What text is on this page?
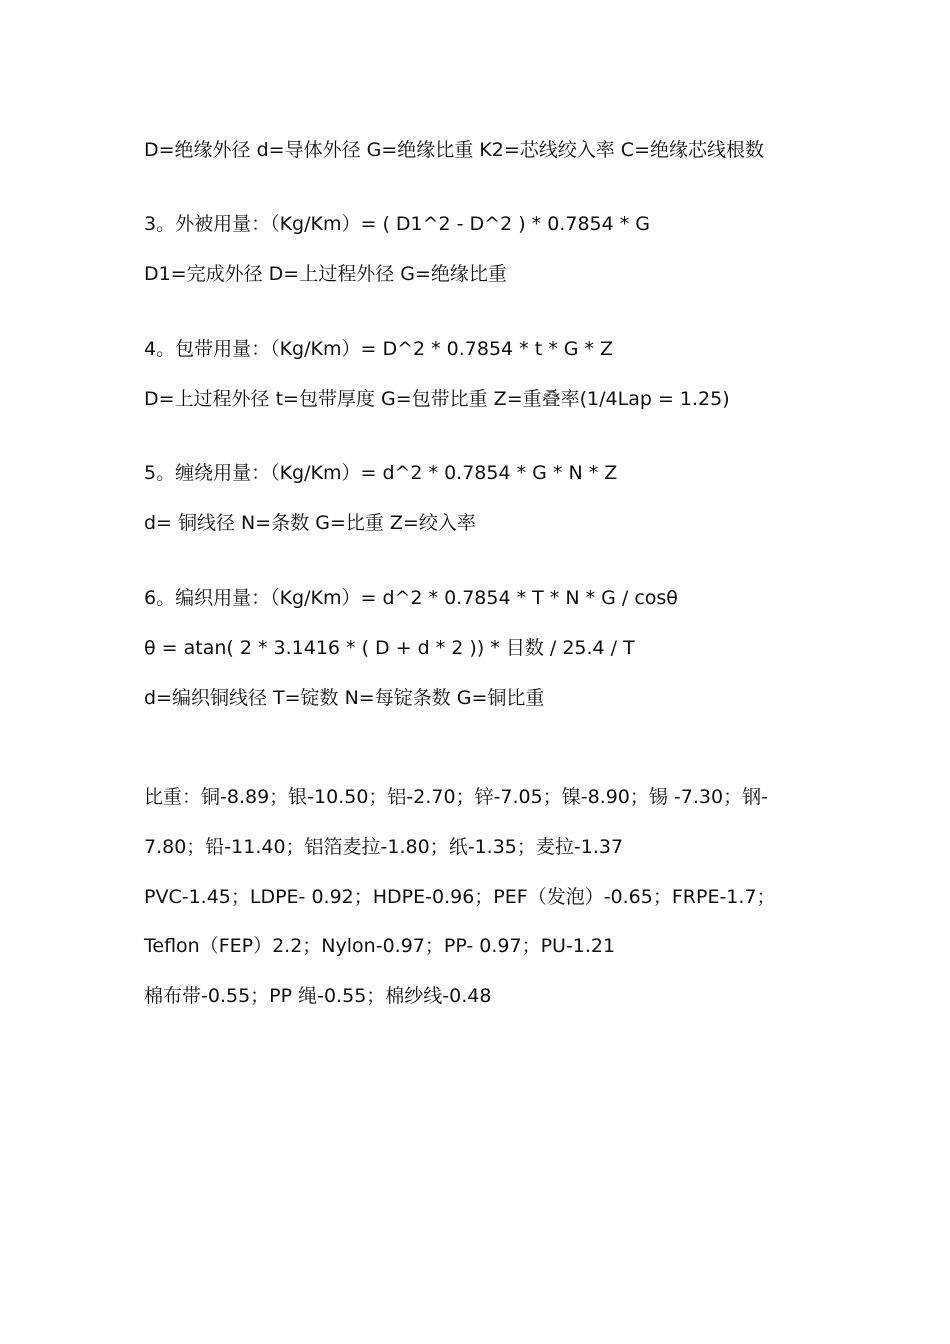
D=绝缘外径 d=导体外径 G=绝缘比重 K2=芯线绞入率 C=绝缘芯线根数
3。外被用量：（Kg/Km）= ( D1^2 - D^2 ) * 0.7854 * G
D1=完成外径 D=上过程外径 G=绝缘比重
4。包带用量：（Kg/Km）= D^2 * 0.7854 * t * G * Z
D=上过程外径 t=包带厚度 G=包带比重 Z=重叠率(1/4Lap = 1.25)
5。缠绕用量：（Kg/Km）= d^2 * 0.7854 * G * N * Z
d= 铜线径 N=条数 G=比重 Z=绞入率
6。编织用量：（Kg/Km）= d^2 * 0.7854 * T * N * G / cosθ
θ = atan( 2 * 3.1416 * ( D + d * 2 )) * 目数 / 25.4 / T
d=编织铜线径 T=锭数 N=每锭条数 G=铜比重
比重：铜-8.89；银-10.50；铝-2.70；锌-7.05；镍-8.90；锡 -7.30；钢-
7.80；铅-11.40；铝箔麦拉-1.80；纸-1.35；麦拉-1.37
PVC-1.45；LDPE- 0.92；HDPE-0.96；PEF（发泡）-0.65；FRPE-1.7；
Teflon（FEP）2.2；Nylon-0.97；PP- 0.97；PU-1.21
棉布带-0.55；PP 绳-0.55；棉纱线-0.48
